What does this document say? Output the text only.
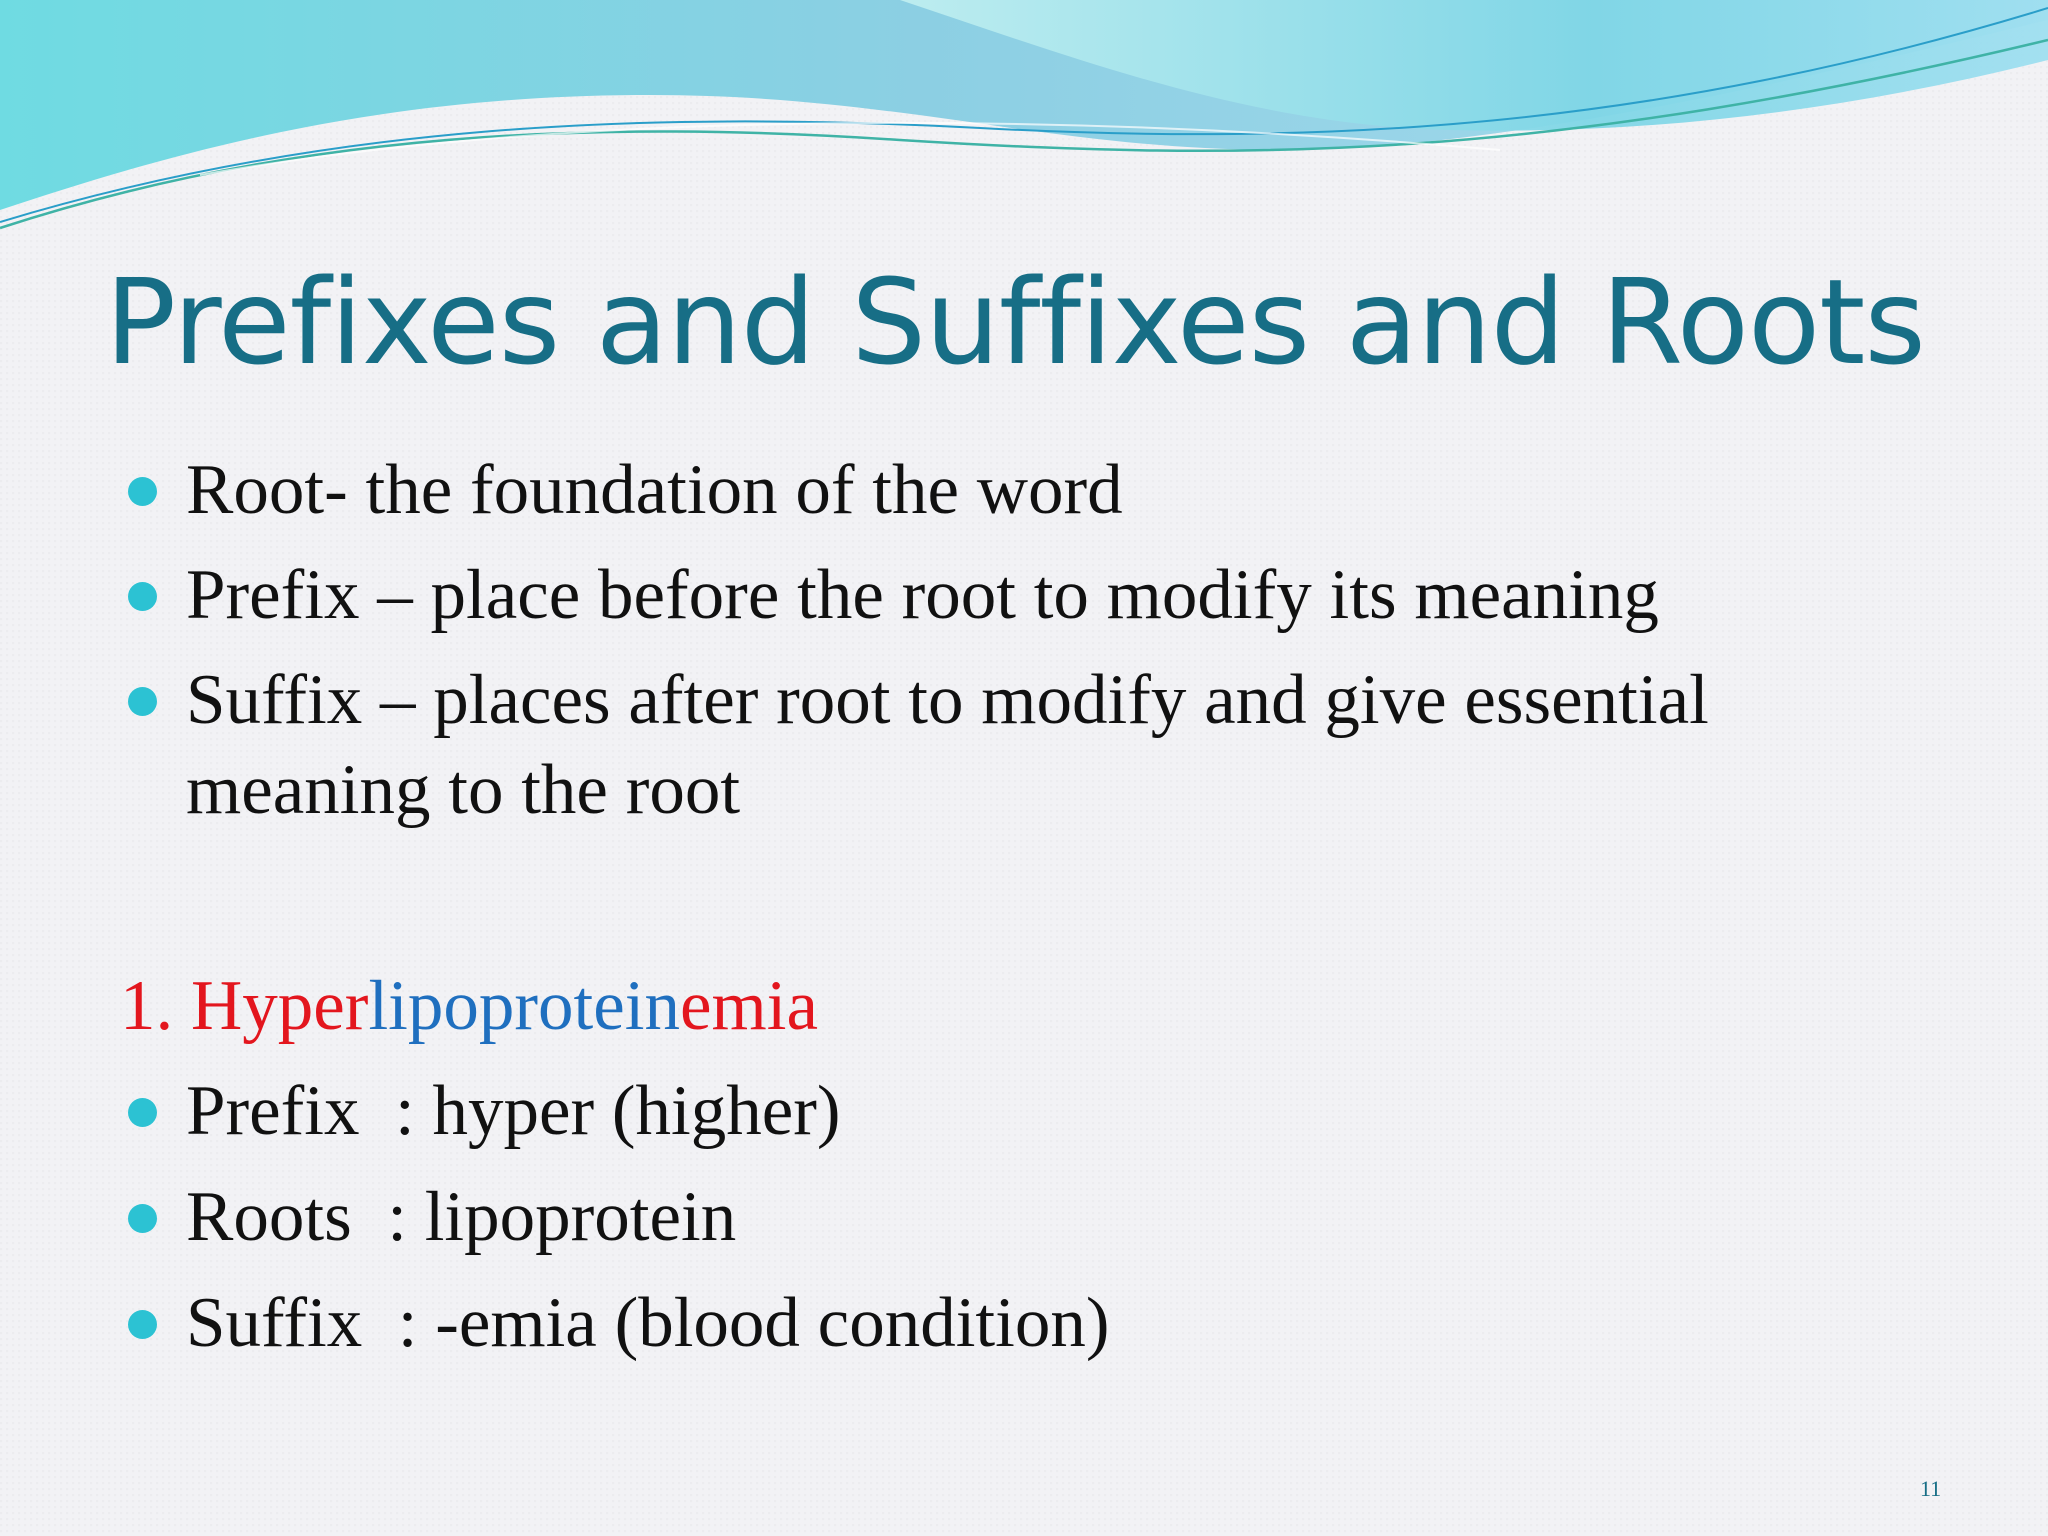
Prefixes and Suffixes and Roots
Root- the foundation of the word
Prefix – place before the root to modify its meaning
Suffix – places after root to modify and give essential meaning to the root
1. Hyperlipoproteinemia
Prefix  : hyper (higher)
Roots  : lipoprotein
Suffix  : -emia (blood condition)
11
